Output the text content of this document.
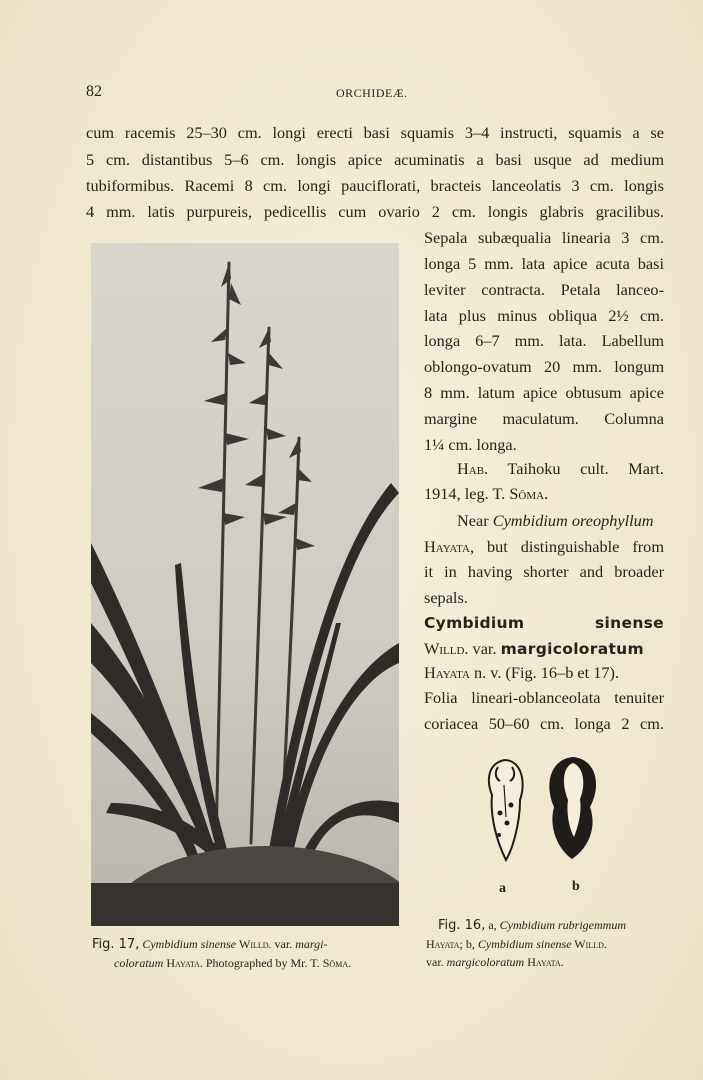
82	ORCHIDEÆ.
cum racemis 25–30 cm. longi erecti basi squamis 3–4 instructi, squamis a se
5 cm. distantibus 5–6 cm. longis apice acuminatis a basi usque ad medium
tubiformibus. Racemi 8 cm. longi pauciflorati, bracteis lanceolatis 3 cm. longis
4 mm. latis purpureis, pedicellis cum ovario 2 cm. longis glabris gracilibus.
Sepala subæqualia linearia 3 cm.
longa 5 mm. lata apice acuta basi
leviter contracta. Petala lanceo-
lata plus minus obliqua 2½ cm.
longa 6–7 mm. lata. Labellum
oblongo-ovatum 20 mm. longum
8 mm. latum apice obtusum apice
margine maculatum. Columna
1¼ cm. longa.
Hab. Taihoku cult. Mart.
1914, leg. T. Sōma.
Near Cymbidium oreophyllum
Hayata, but distinguishable from
it in having shorter and broader
sepals.
Cymbidium sinense
Willd. var. margicoloratum
Hayata n. v. (Fig. 16–b et 17).
Folia lineari-oblanceolata tenuiter
coriacea 50–60 cm. longa 2 cm.
Fig. 17, Cymbidium sinense Willd. var. margi-
coloratum Hayata. Photographed by Mr. T. Sōma.
a	b
Fig. 16, a, Cymbidium rubrigemmum
Hayata; b, Cymbidium sinense Willd.
var. margicoloratum Hayata.
